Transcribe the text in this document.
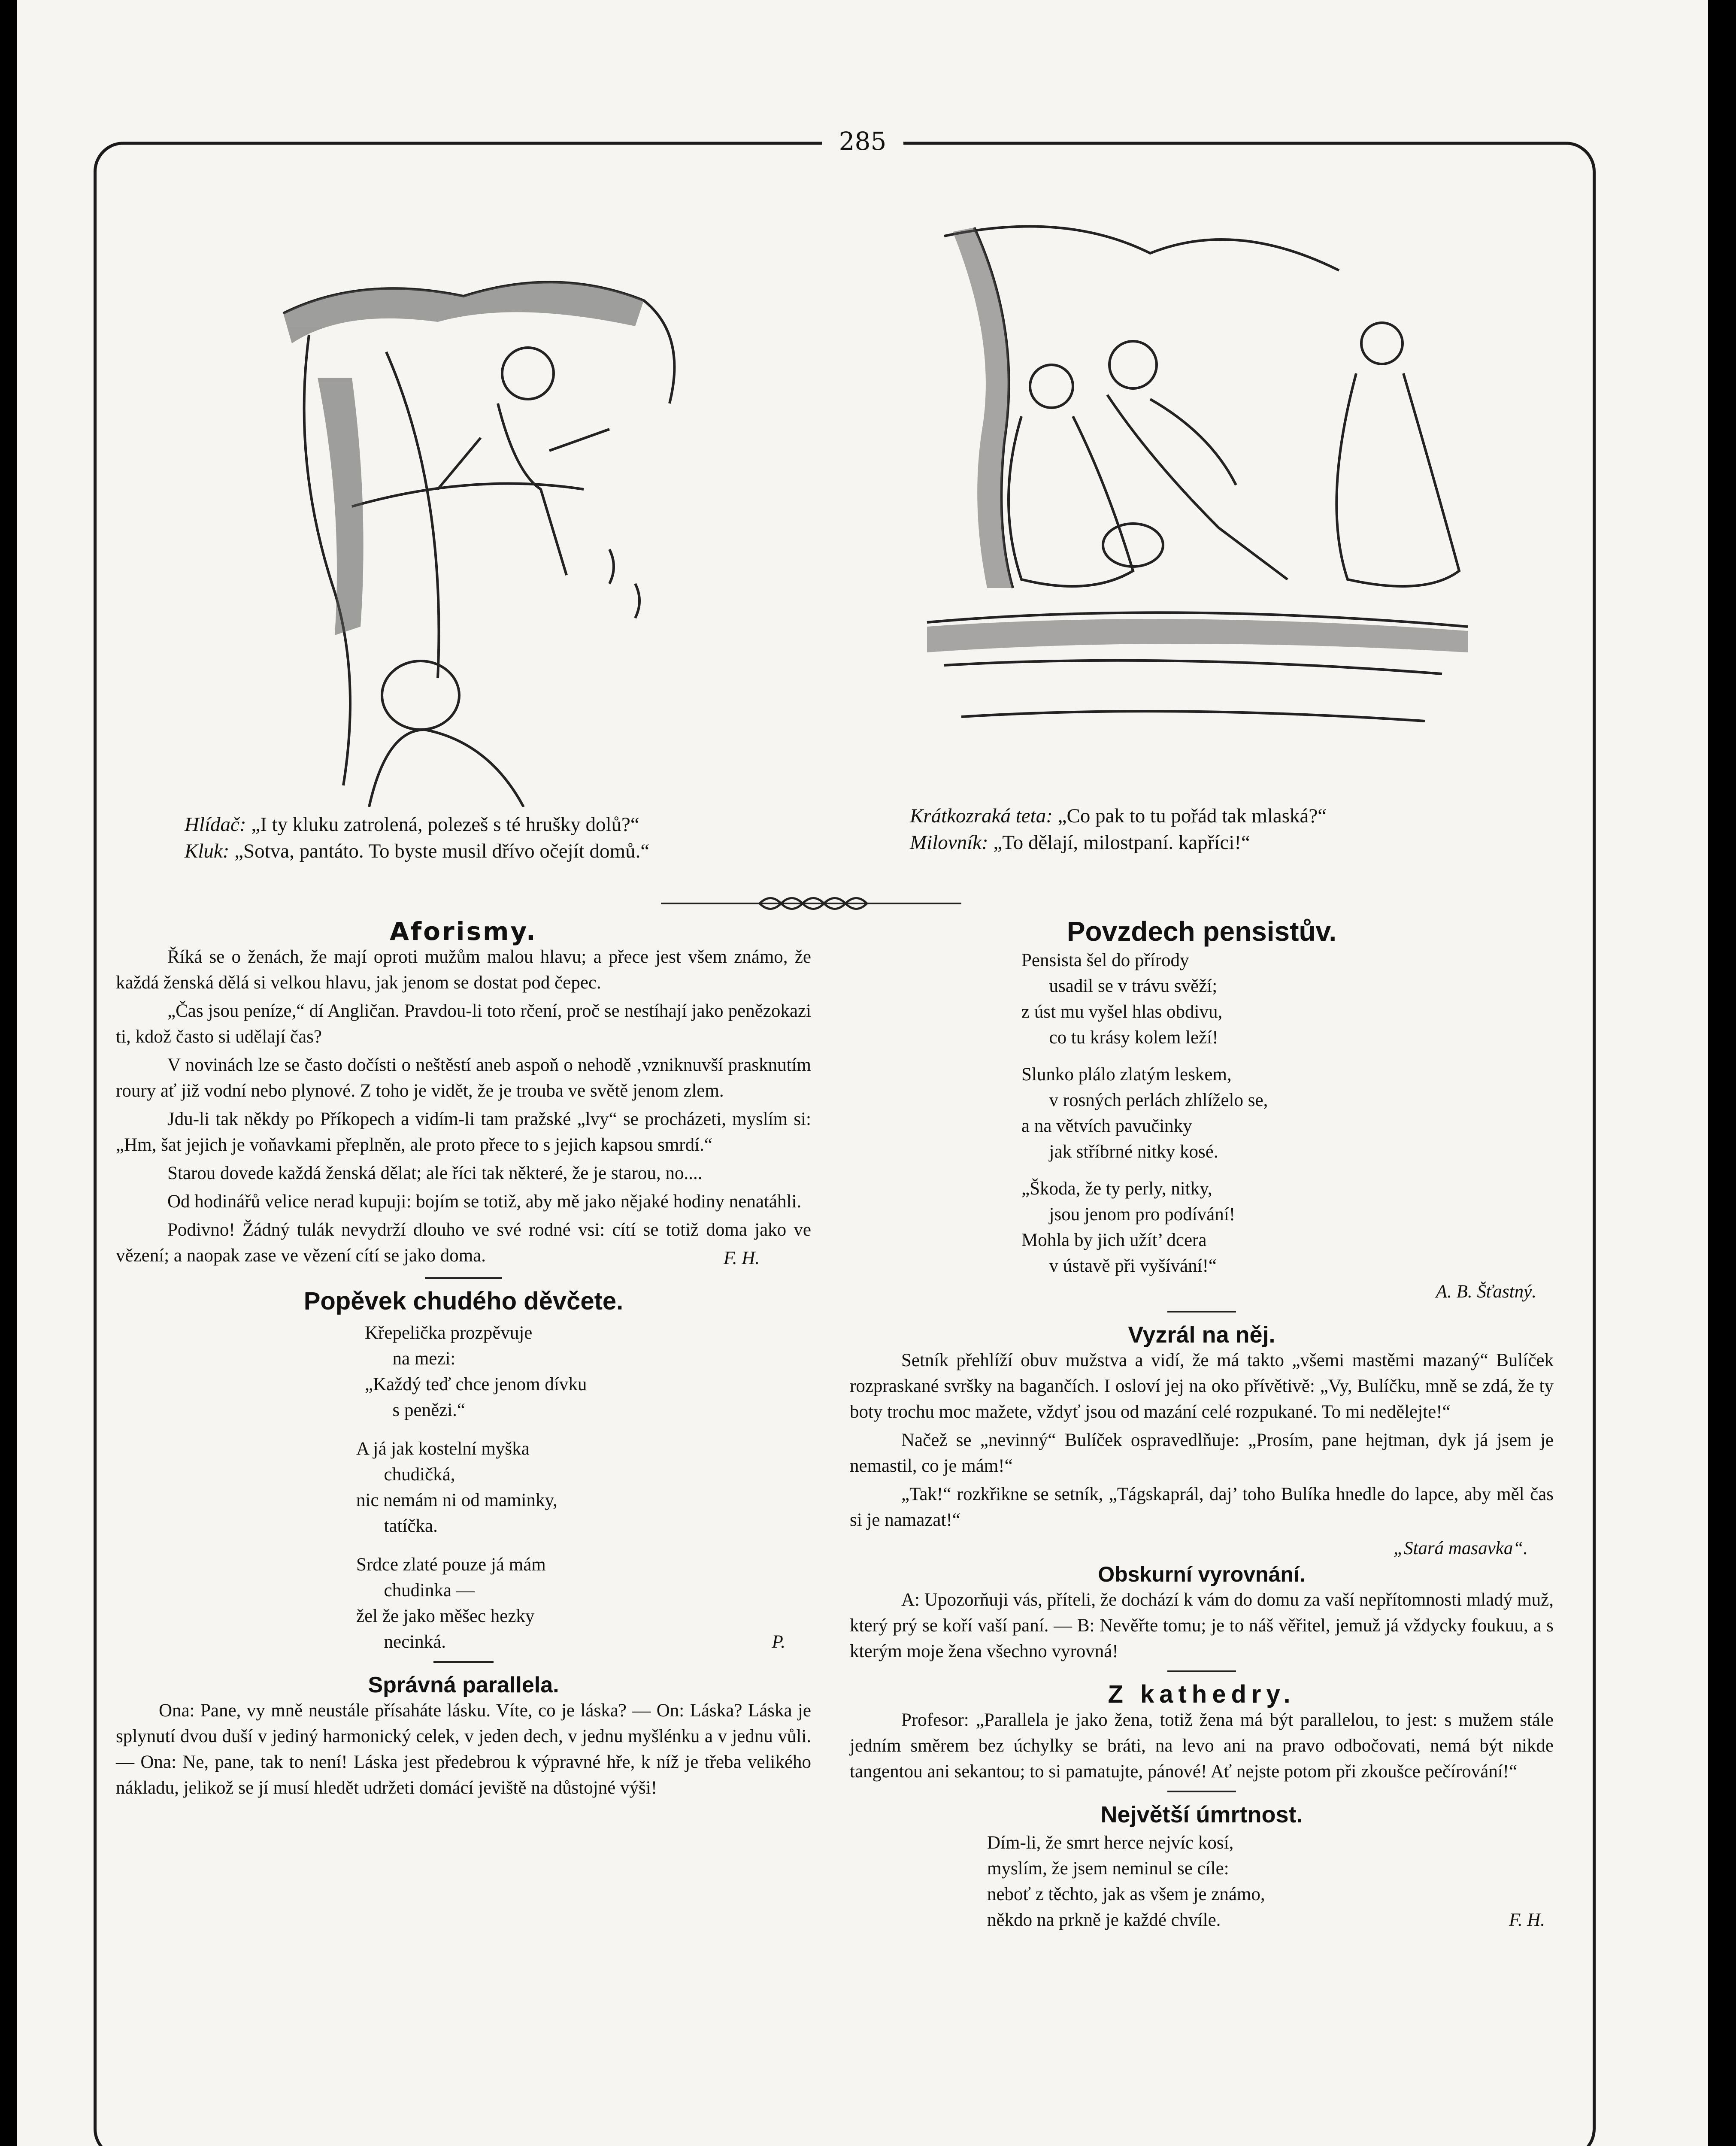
285
Hlídač: „I ty kluku zatrolená, polezeš s té hrušky dolů?“
Kluk: „Sotva, pantáto. To byste musil dřívo očejít domů.“
Krátkozraká teta: „Co pak to tu pořád tak mlaská?“
Milovník: „To dělají, milostpaní. kapříci!“
Aforismy.

Říká se o ženách, že mají oproti mužům malou hlavu; a přece jest všem známo, že každá ženská dělá si velkou hlavu, jak jenom se dostat pod čepec.

„Čas jsou peníze,“ dí Angličan. Pravdou-li toto rčení, proč se nestíhají jako penězokazi ti, kdož často si udělají čas?

V novinách lze se často dočísti o neštěstí aneb aspoň o nehodě ‚vzniknuvší prasknutím roury ať již vodní nebo plynové. Z toho je vidět, že je trouba ve světě jenom zlem.

Jdu-li tak někdy po Příkopech a vidím-li tam pražské „lvy“ se procházeti, myslím si: „Hm, šat jejich je voňavkami přeplněn, ale proto přece to s jejich kapsou smrdí.“

Starou dovede každá ženská dělat; ale říci tak některé, že je starou, no....

Od hodinářů velice nerad kupuji: bojím se totiž, aby mě jako nějaké hodiny nenatáhli.

Podivno! Žádný tulák nevydrží dlouho ve své rodné vsi: cítí se totiž doma jako ve vězení; a naopak zase ve vězení cítí se jako doma.	F. H.
Popěvek chudého děvčete.
Křepelička prozpěvuje
na mezi:
„Každý teď chce jenom dívku
s penězi.“
A já jak kostelní myška
chudičká,
nic nemám ni od maminky,
tatíčka.
Srdce zlaté pouze já mám
chudinka —
žel že jako měšec hezky
necinká.	P.
Správná parallela.

Ona: Pane, vy mně neustále přísaháte lásku. Víte, co je láska? — On: Láska? Láska je splynutí dvou duší v jediný harmonický celek, v jeden dech, v jednu myšlénku a v jednu vůli. — Ona: Ne, pane, tak to není! Láska jest předebrou k výpravné hře, k níž je třeba velikého nákladu, jelikož se jí musí hledět udržeti domácí jeviště na důstojné výši!

Povzdech pensistův.
Pensista šel do přírody
usadil se v trávu svěží;
z úst mu vyšel hlas obdivu,
co tu krásy kolem leží!
Slunko plálo zlatým leskem,
v rosných perlách zhlíželo se,
a na větvích pavučinky
jak stříbrné nitky kosé.
„Škoda, že ty perly, nitky,
jsou jenom pro podívání!
Mohla by jich užít’ dcera
v ústavě při vyšívání!“
A. B. Šťastný.
Vyzrál na něj.

Setník přehlíží obuv mužstva a vidí, že má takto „všemi mastěmi mazaný“ Bulíček rozpraskané svršky na bagančích. I osloví jej na oko přívětivě: „Vy, Bulíčku, mně se zdá, že ty boty trochu moc mažete, vždyť jsou od mazání celé rozpukané. To mi nedělejte!“

Načež se „nevinný“ Bulíček ospravedlňuje: „Prosím, pane hejtman, dyk já jsem je nemastil, co je mám!“

„Tak!“ rozkřikne se setník, „Tágskaprál, daj’ toho Bulíka hnedle do lapce, aby měl čas si je namazat!“

„Stará masavka“.
Obskurní vyrovnání.

A: Upozorňuji vás, příteli, že dochází k vám do domu za vaší nepřítomnosti mladý muž, který prý se koří vaší paní. — B: Nevěřte tomu; je to náš věřitel, jemuž já vždycky foukuu, a s kterým moje žena všechno vyrovná!

Z kathedry.

Profesor: „Parallela je jako žena, totiž žena má být parallelou, to jest: s mužem stále jedním směrem bez úchylky se bráti, na levo ani na pravo odbočovati, nemá být nikde tangentou ani sekantou; to si pamatujte, pánové! Ať nejste potom při zkoušce pečírování!“

Největší úmrtnost.
Dím-li, že smrt herce nejvíc kosí,
myslím, že jsem neminul se cíle:
neboť z těchto, jak as všem je známo,
někdo na prkně je každé chvíle.	F. H.
